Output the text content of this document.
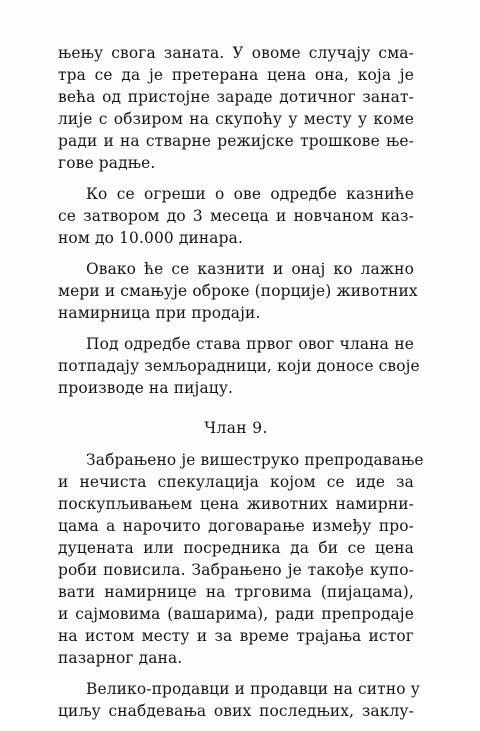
њењу свога заната. У овоме случају сма-
тра се да је претерана цена она, која је
већа од пристојне зараде дотичног занат-
лије с обзиром на скупоћу у месту у коме
ради и на стварне режијске трошкове ње-
гове радње.
Ко се огреши о ове одредбе казниће
се затвором до 3 месеца и новчаном каз-
ном до 10.000 динара.
Овако ће се казнити и онај ко лажно
мери и смањује оброке (порције) животних
намирница при продаји.
Под одредбе става првог овог члана не
потпадају земљорадници, који доносе своје
производе на пијацу.
Члан 9.
Забрањено је вишеструко препродавање
и нечиста спекулација којом се иде за
поскупљивањем цена животних намирни-
цама а нарочито договарање између про-
дуцената или посредника да би се цена
роби повисила. Забрањено је такође купо-
вати намирнице на трговима (пијацама),
и сајмовима (вашарима), ради препродаје
на истом месту и за време трајања истог
пазарног дана.
Велико-продавци и продавци на ситно у
циљу снабдевања ових последњих, заклу-
